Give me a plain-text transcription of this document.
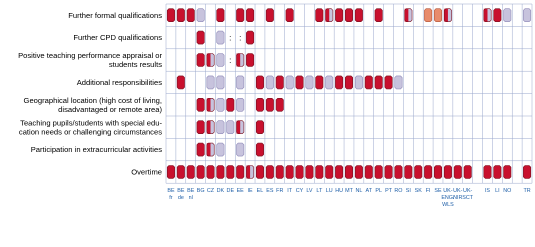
Further formal qualifications
Further CPD qualifications
Positive teaching performance appraisal or
students results
Additional responsibilities
Geographical location (high cost of living,
disadvantaged or remote area)
Teaching pupils/students with special edu-
cation needs or challenging circumstances
Participation in extracurricular activities
Overtime
: :
:
BE
fr
BE
de
BE
nl
BG CZ DK DE EE IE EL ES FR IT CY LV LT LU HU MT NL AT PL PT RO SI SK FI SE UK-
ENG/
WLS
UK-
NIR
UK-
SCT
IS LI NO TR
